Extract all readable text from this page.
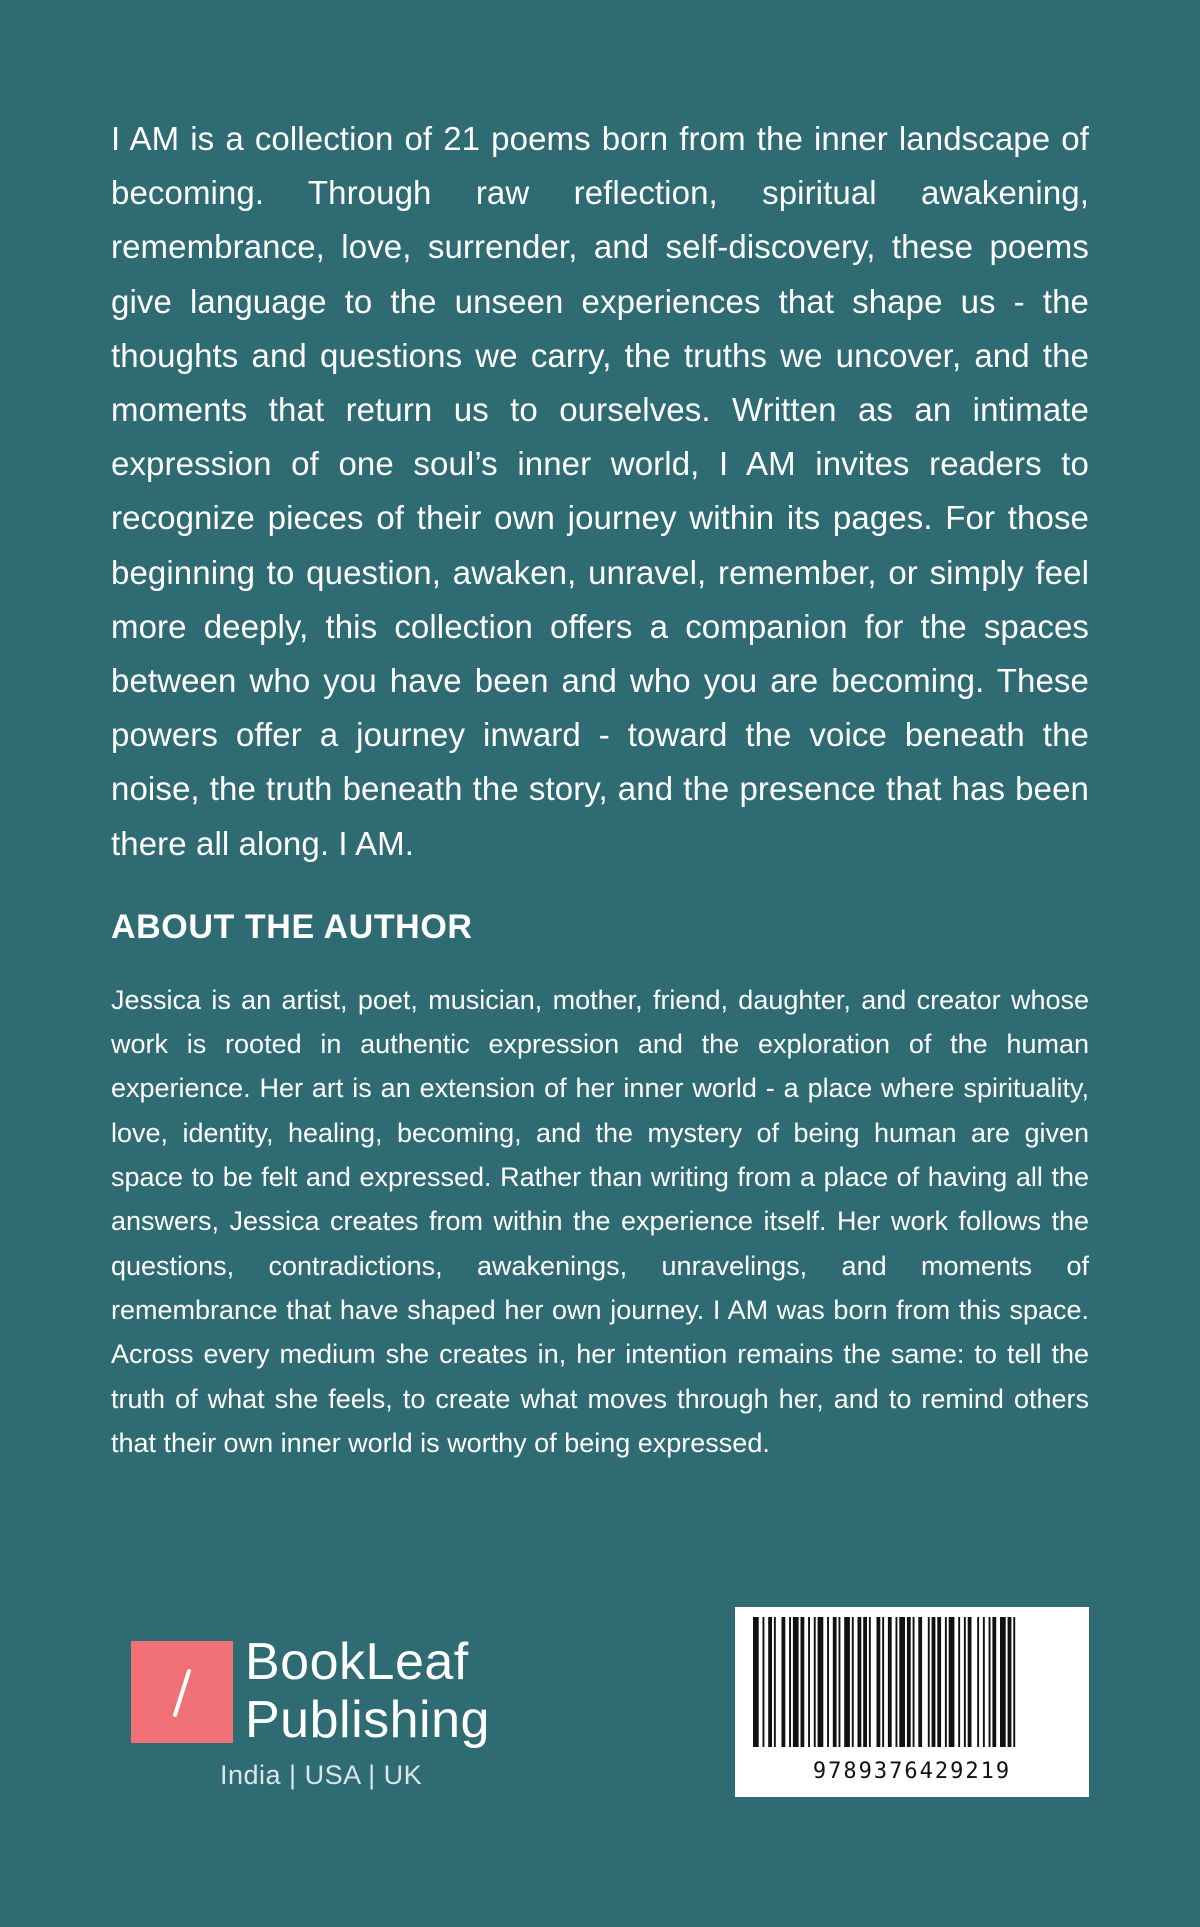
I AM is a collection of 21 poems born from the inner landscape of becoming. Through raw reflection, spiritual awakening, remembrance, love, surrender, and self-discovery, these poems give language to the unseen experiences that shape us - the thoughts and questions we carry, the truths we uncover, and the moments that return us to ourselves. Written as an intimate expression of one soul’s inner world, I AM invites readers to recognize pieces of their own journey within its pages. For those beginning to question, awaken, unravel, remember, or simply feel more deeply, this collection offers a companion for the spaces between who you have been and who you are becoming. These powers offer a journey inward - toward the voice beneath the noise, the truth beneath the story, and the presence that has been there all along. I AM.

ABOUT THE AUTHOR

Jessica is an artist, poet, musician, mother, friend, daughter, and creator whose work is rooted in authentic expression and the exploration of the human experience. Her art is an extension of her inner world - a place where spirituality, love, identity, healing, becoming, and the mystery of being human are given space to be felt and expressed. Rather than writing from a place of having all the answers, Jessica creates from within the experience itself. Her work follows the questions, contradictions, awakenings, unravelings, and moments of remembrance that have shaped her own journey. I AM was born from this space. Across every medium she creates in, her intention remains the same: to tell the truth of what she feels, to create what moves through her, and to remind others that their own inner world is worthy of being expressed.

BookLeaf
Publishing
India | USA | UK	9789376429219
